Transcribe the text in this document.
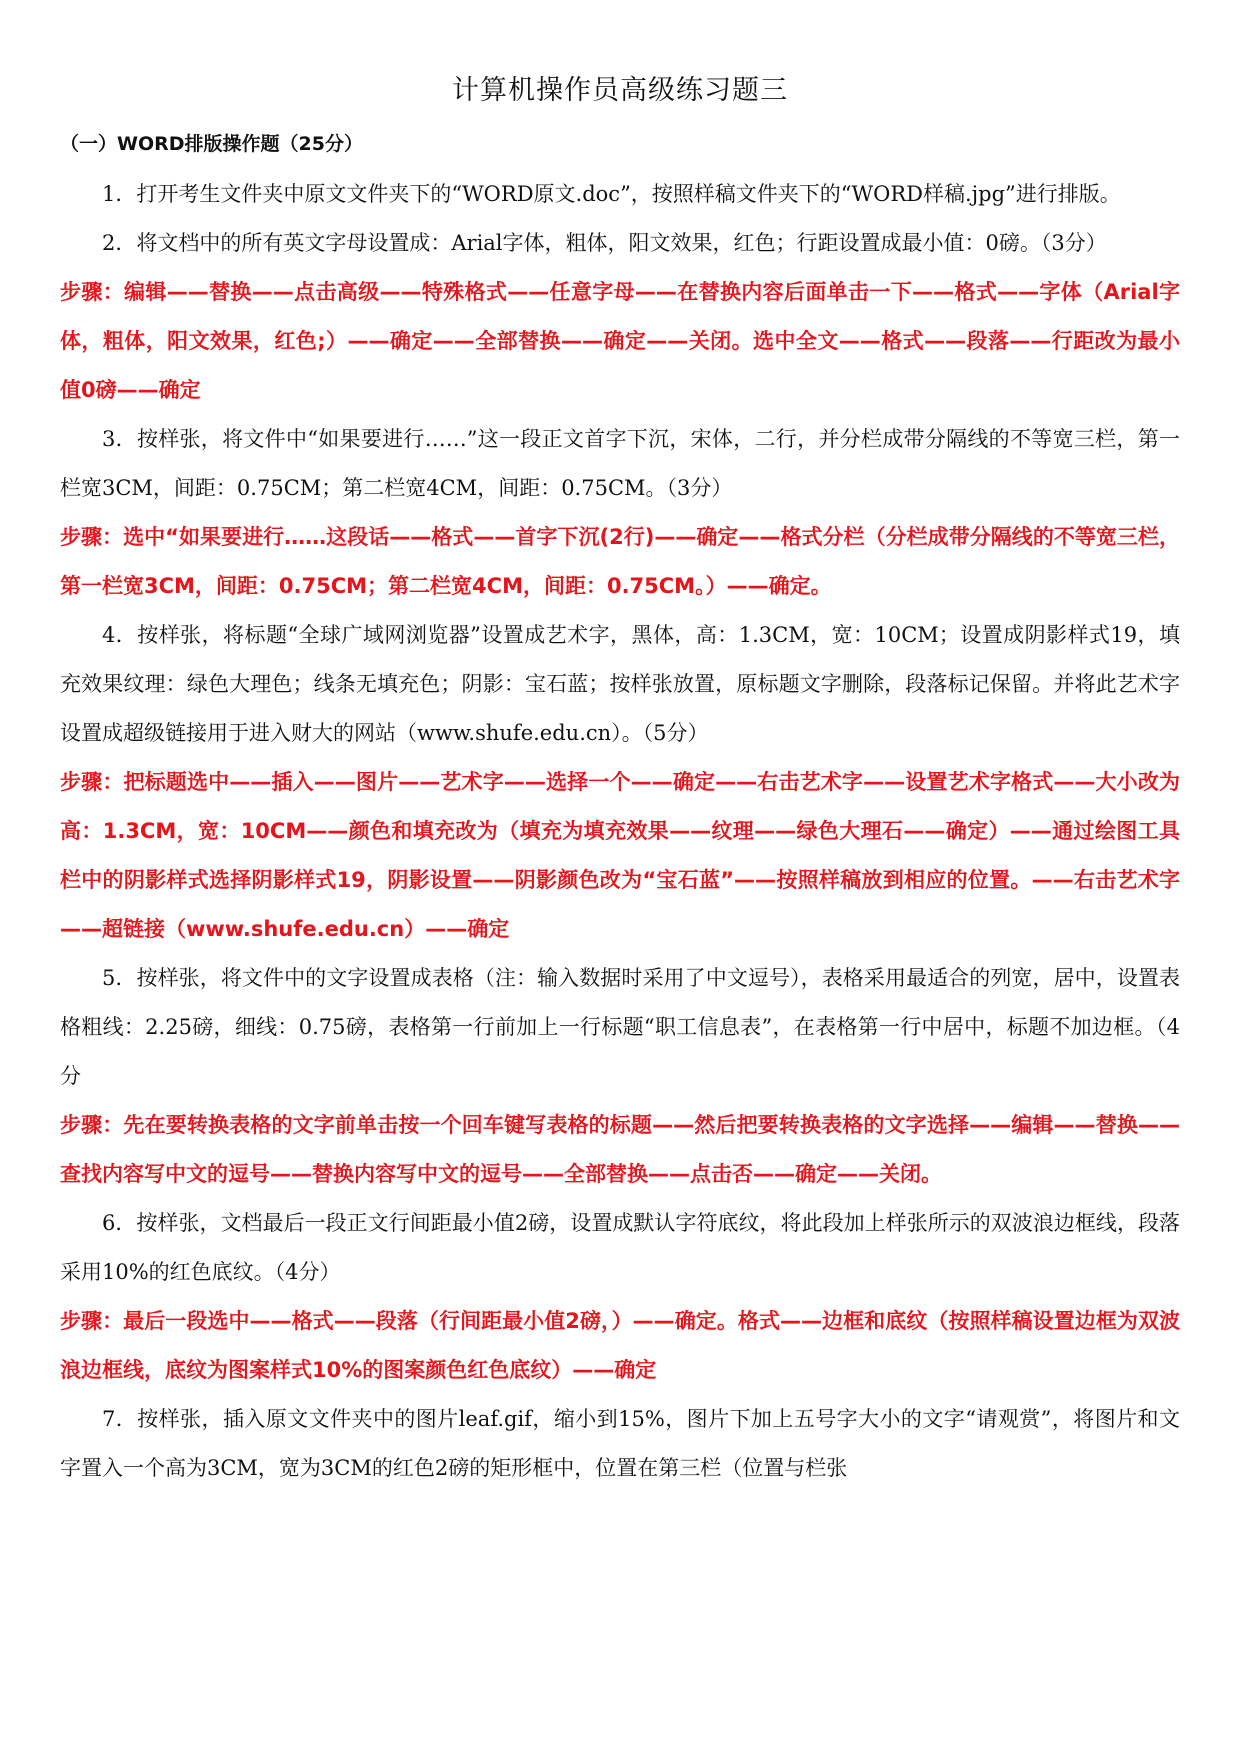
计算机操作员高级练习题三
（一）WORD排版操作题（25分）

1．打开考生文件夹中原文文件夹下的“WORD原文.doc”，按照样稿文件夹下的“WORD样稿.jpg”进行排版。

2．将文档中的所有英文字母设置成：Arial字体，粗体，阳文效果，红色；行距设置成最小值：0磅。（3分）

步骤：编辑——替换——点击高级——特殊格式——任意字母——在替换内容后面单击一下——格式——字体（Arial字体，粗体，阳文效果，红色;）——确定——全部替换——确定——关闭。选中全文——格式——段落——行距改为最小值0磅——确定

3．按样张，将文件中“如果要进行……”这一段正文首字下沉，宋体，二行，并分栏成带分隔线的不等宽三栏，第一栏宽3CM，间距：0.75CM；第二栏宽4CM，间距：0.75CM。（3分）

步骤：选中“如果要进行……这段话——格式——首字下沉(2行)——确定——格式分栏（分栏成带分隔线的不等宽三栏，第一栏宽3CM，间距：0.75CM；第二栏宽4CM，间距：0.75CM。）——确定。

4．按样张，将标题“全球广域网浏览器”设置成艺术字，黑体，高：1.3CM，宽：10CM；设置成阴影样式19，填充效果纹理：绿色大理色；线条无填充色；阴影：宝石蓝；按样张放置，原标题文字删除，段落标记保留。并将此艺术字设置成超级链接用于进入财大的网站（www.shufe.edu.cn）。（5分）

步骤：把标题选中——插入——图片——艺术字——选择一个——确定——右击艺术字——设置艺术字格式——大小改为高：1.3CM，宽：10CM——颜色和填充改为（填充为填充效果——纹理——绿色大理石——确定）——通过绘图工具栏中的阴影样式选择阴影样式19，阴影设置——阴影颜色改为“宝石蓝”——按照样稿放到相应的位置。——右击艺术字——超链接（www.shufe.edu.cn）——确定

5．按样张，将文件中的文字设置成表格（注：输入数据时采用了中文逗号），表格采用最适合的列宽，居中，设置表格粗线：2.25磅，细线：0.75磅，表格第一行前加上一行标题“职工信息表”，在表格第一行中居中，标题不加边框。（4分

步骤：先在要转换表格的文字前单击按一个回车键写表格的标题——然后把要转换表格的文字选择——编辑——替换——查找内容写中文的逗号——替换内容写中文的逗号——全部替换——点击否——确定——关闭。

6．按样张，文档最后一段正文行间距最小值2磅，设置成默认字符底纹，将此段加上样张所示的双波浪边框线，段落采用10%的红色底纹。（4分）

步骤：最后一段选中——格式——段落（行间距最小值2磅，）——确定。格式——边框和底纹（按照样稿设置边框为双波浪边框线，底纹为图案样式10%的图案颜色红色底纹）——确定

7．按样张，插入原文文件夹中的图片leaf.gif，缩小到15%，图片下加上五号字大小的文字“请观赏”，将图片和文字置入一个高为3CM，宽为3CM的红色2磅的矩形框中，位置在第三栏（位置与栏张
